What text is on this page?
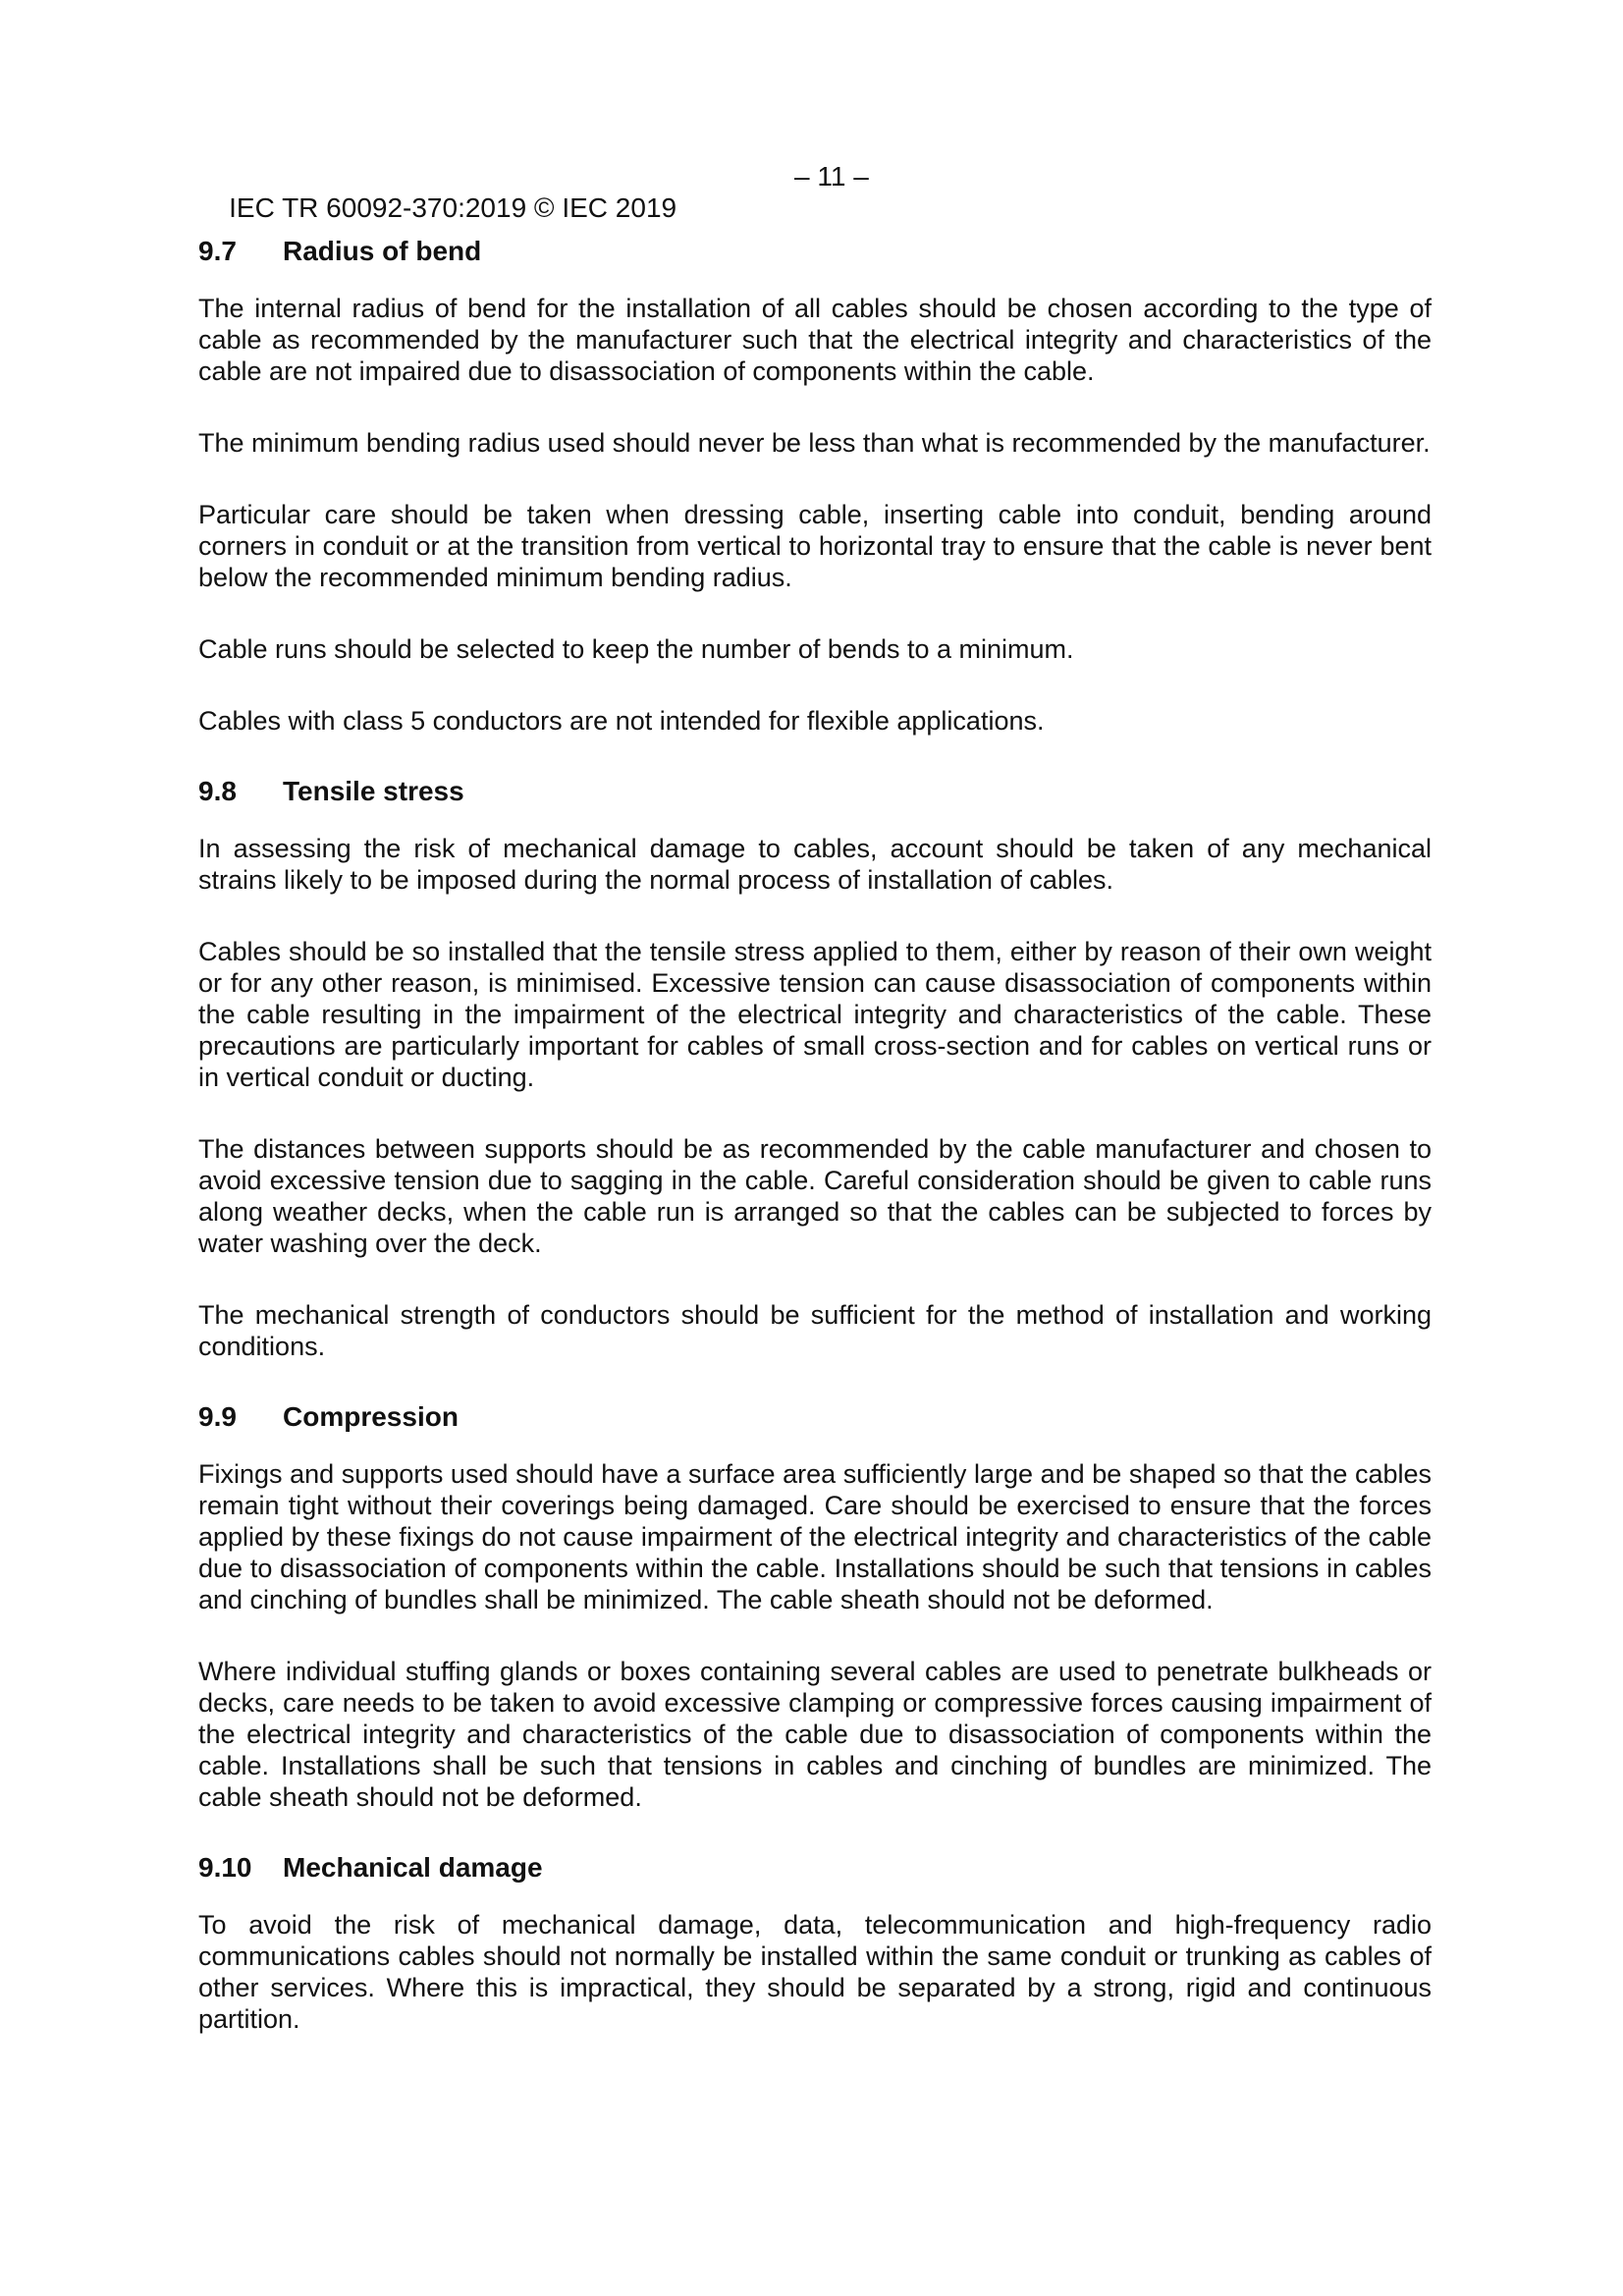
IEC TR 60092-370:2019 © IEC 2019

– 11 –

9.7	Radius of bend

The internal radius of bend for the installation of all cables should be chosen according to the type of cable as recommended by the manufacturer such that the electrical integrity and characteristics of the cable are not impaired due to disassociation of components within the cable.

The minimum bending radius used should never be less than what is recommended by the manufacturer.

Particular care should be taken when dressing cable, inserting cable into conduit, bending around corners in conduit or at the transition from vertical to horizontal tray to ensure that the cable is never bent below the recommended minimum bending radius.

Cable runs should be selected to keep the number of bends to a minimum.

Cables with class 5 conductors are not intended for flexible applications.

9.8	Tensile stress

In assessing the risk of mechanical damage to cables, account should be taken of any mechanical strains likely to be imposed during the normal process of installation of cables.

Cables should be so installed that the tensile stress applied to them, either by reason of their own weight or for any other reason, is minimised. Excessive tension can cause disassociation of components within the cable resulting in the impairment of the electrical integrity and characteristics of the cable. These precautions are particularly important for cables of small cross-section and for cables on vertical runs or in vertical conduit or ducting.

The distances between supports should be as recommended by the cable manufacturer and chosen to avoid excessive tension due to sagging in the cable. Careful consideration should be given to cable runs along weather decks, when the cable run is arranged so that the cables can be subjected to forces by water washing over the deck.

The mechanical strength of conductors should be sufficient for the method of installation and working conditions.

9.9	Compression

Fixings and supports used should have a surface area sufficiently large and be shaped so that the cables remain tight without their coverings being damaged. Care should be exercised to ensure that the forces applied by these fixings do not cause impairment of the electrical integrity and characteristics of the cable due to disassociation of components within the cable. Installations should be such that tensions in cables and cinching of bundles shall be minimized. The cable sheath should not be deformed.

Where individual stuffing glands or boxes containing several cables are used to penetrate bulkheads or decks, care needs to be taken to avoid excessive clamping or compressive forces causing impairment of the electrical integrity and characteristics of the cable due to disassociation of components within the cable. Installations shall be such that tensions in cables and cinching of bundles are minimized. The cable sheath should not be deformed.

9.10	Mechanical damage

To avoid the risk of mechanical damage, data, telecommunication and high-frequency radio communications cables should not normally be installed within the same conduit or trunking as cables of other services. Where this is impractical, they should be separated by a strong, rigid and continuous partition.
